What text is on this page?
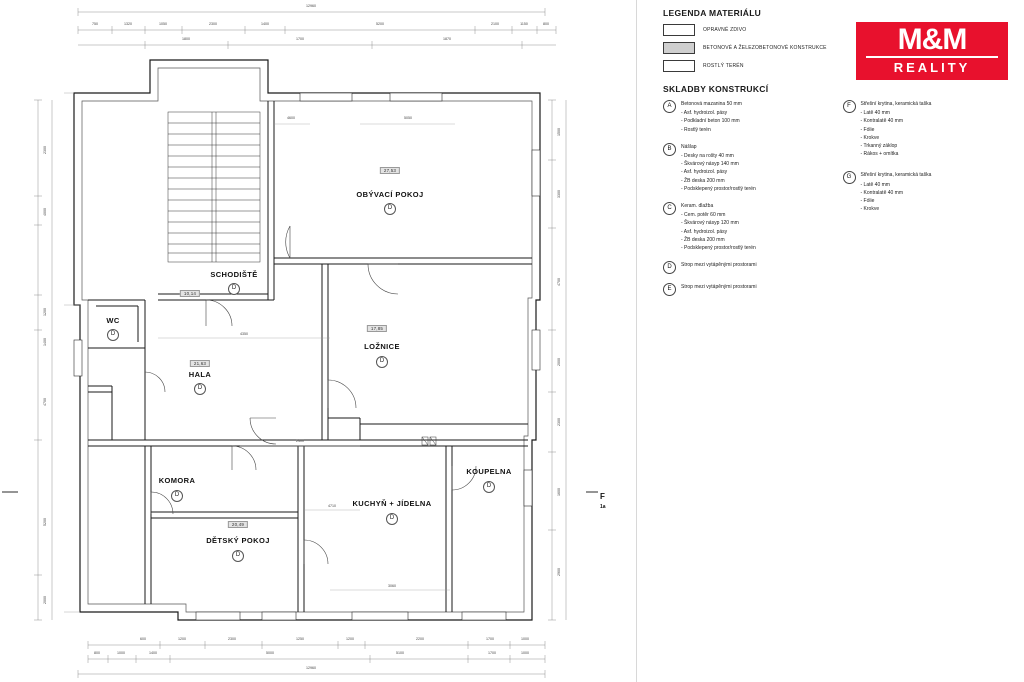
OBÝVACÍ POKOJ
D
27,53
SCHODIŠTĚ
D
10,14
WC
D
HALA
D
21,63
LOŽNICE
D
17,85
KOMORA
D
DĚTSKÝ POKOJ
D
20,49
KUCHYŇ + JÍDELNA
D
KOUPELNA
D
F
1a
12960
750	1320	1050	2300	1400	5200	2100	1150	800
1800	1700	1870
600	1200	2300	1250	1200	2200	1700	1000
800	1000	1400	5000	5100	1700	1000
12960
2300
4000
1200
1400
4700
5200
2000
1500
3300
4700
2000
2300
1600
2900
4600	5050
4350
2400
4710
3060
LEGENDA MATERIÁLU
OPRAVNÉ ZDIVO
BETONOVÉ A ŽELEZOBETONOVÉ KONSTRUKCE
ROSTLÝ TERÉN
SKLADBY KONSTRUKCÍ
A	Betonová mazanina 50 mm
- Asf. hydroizol. pásy
- Podkladní beton 100 mm
- Rostlý terén
B	Nášlap
- Desky na rošty 40 mm
- Škvárový násyp 140 mm
- Asf. hydroizol. pásy
- ŽB deska 200 mm
- Podsklepený prostor/rostlý terén
C	Keram. dlažba
- Cem. potěr 60 mm
- Škvárový násyp 120 mm
- Asf. hydroizol. pásy
- ŽB deska 200 mm
- Podsklepený prostor/rostlý terén
D	Strop mezi vytápěnými prostorami
E	Strop mezi vytápěnými prostorami
F	Střešní krytina, keramická taška
- Latě 40 mm
- Kontralatě 40 mm
- Fólie
- Krokve
- Trkanný záklop
- Rákos + omítka
G	Střešní krytina, keramická taška
- Latě 40 mm
- Kontralatě 40 mm
- Fólie
- Krokve
M&M
REALITY
